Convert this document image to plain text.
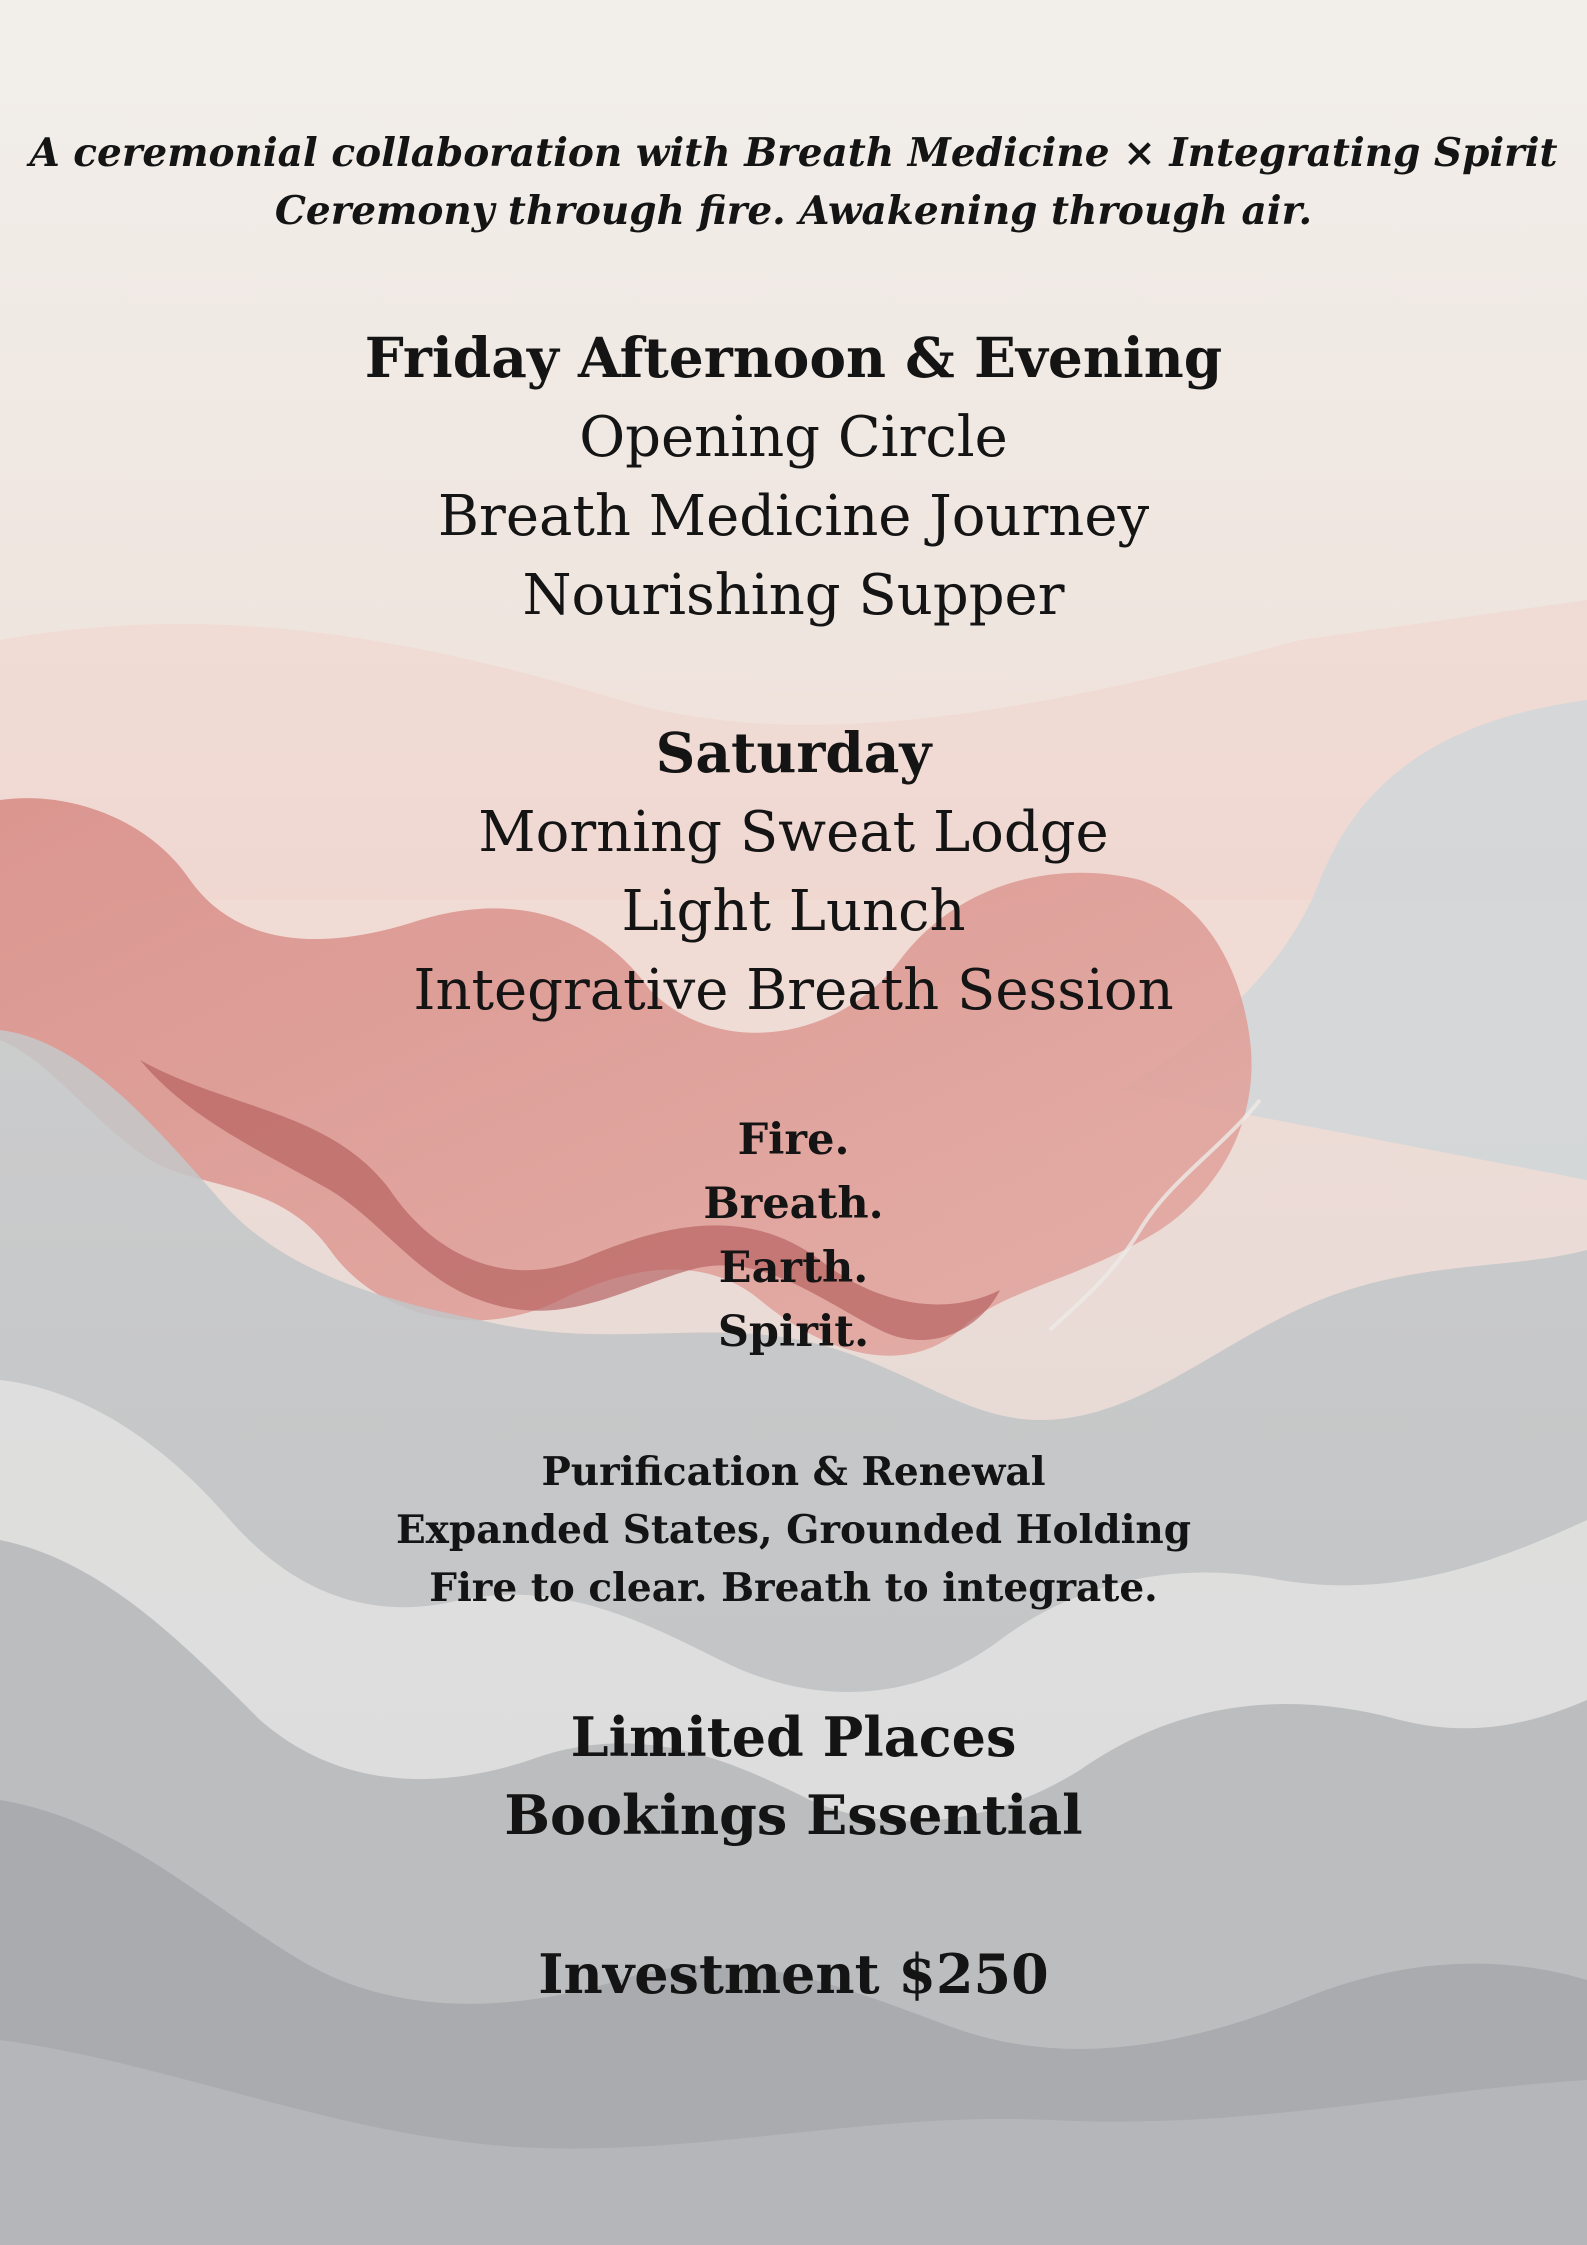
A ceremonial collaboration with Breath Medicine × Integrating Spirit
Ceremony through fire. Awakening through air.
Friday Afternoon & Evening
Opening Circle
Breath Medicine Journey
Nourishing Supper
Saturday
Morning Sweat Lodge
Light Lunch
Integrative Breath Session
Fire.
Breath.
Earth.
Spirit.
Purification & Renewal
Expanded States, Grounded Holding
Fire to clear. Breath to integrate.
Limited Places
Bookings Essential
Investment $250
